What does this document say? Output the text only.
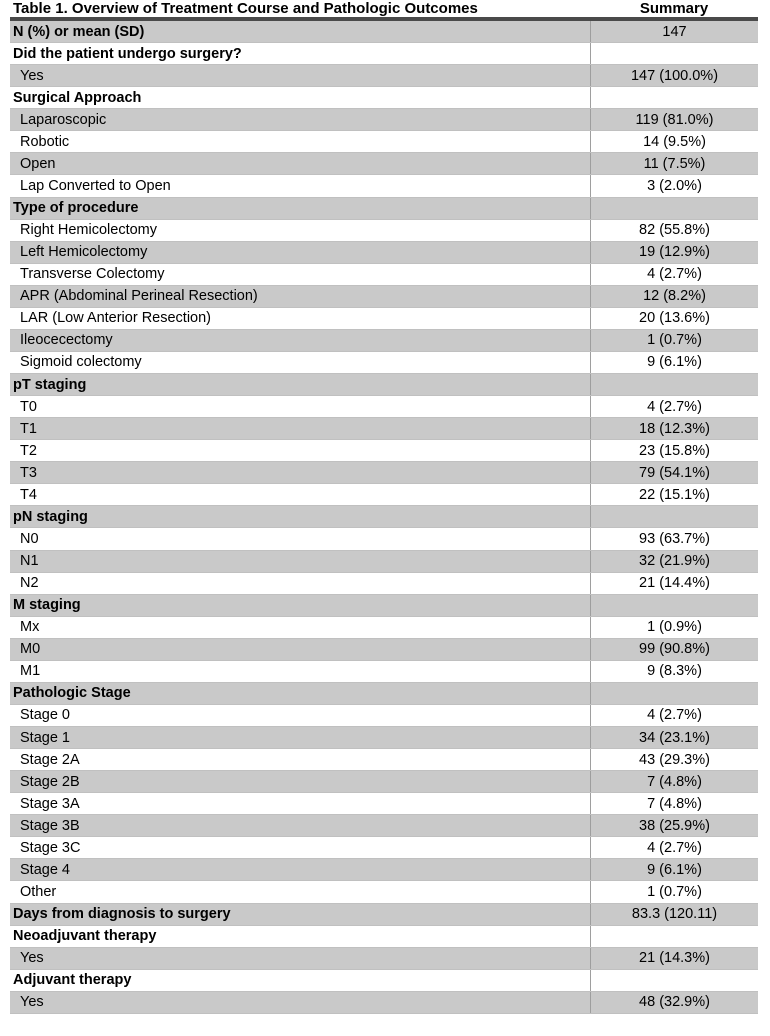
Table 1. Overview of Treatment Course and Pathologic Outcomes	Summary
N (%) or mean (SD)	147
Did the patient undergo surgery?
Yes	147 (100.0%)
Surgical Approach
Laparoscopic	119 (81.0%)
Robotic	14 (9.5%)
Open	11 (7.5%)
Lap Converted to Open	3 (2.0%)
Type of procedure
Right Hemicolectomy	82 (55.8%)
Left Hemicolectomy	19 (12.9%)
Transverse Colectomy	4 (2.7%)
APR (Abdominal Perineal Resection)	12 (8.2%)
LAR (Low Anterior Resection)	20 (13.6%)
Ileocecectomy	1 (0.7%)
Sigmoid colectomy	9 (6.1%)
pT staging
T0	4 (2.7%)
T1	18 (12.3%)
T2	23 (15.8%)
T3	79 (54.1%)
T4	22 (15.1%)
pN staging
N0	93 (63.7%)
N1	32 (21.9%)
N2	21 (14.4%)
M staging
Mx	1 (0.9%)
M0	99 (90.8%)
M1	9 (8.3%)
Pathologic Stage
Stage 0	4 (2.7%)
Stage 1	34 (23.1%)
Stage 2A	43 (29.3%)
Stage 2B	7 (4.8%)
Stage 3A	7 (4.8%)
Stage 3B	38 (25.9%)
Stage 3C	4 (2.7%)
Stage 4	9 (6.1%)
Other	1 (0.7%)
Days from diagnosis to surgery	83.3 (120.11)
Neoadjuvant therapy
Yes	21 (14.3%)
Adjuvant therapy
Yes	48 (32.9%)
